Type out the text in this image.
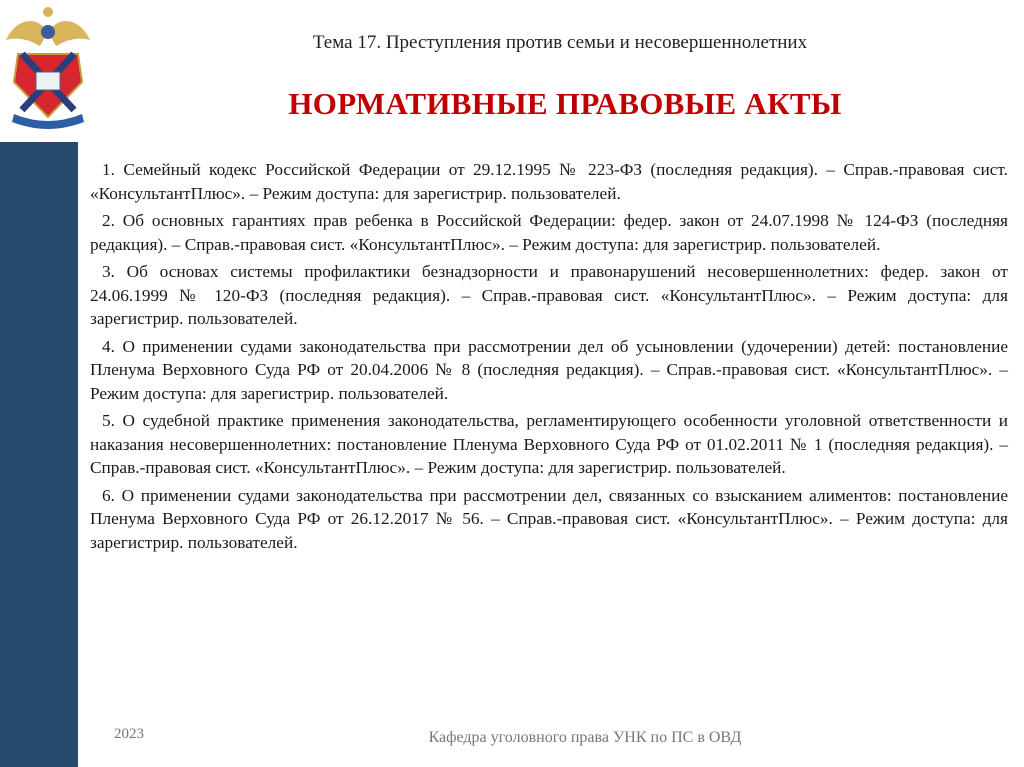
Тема 17. Преступления против семьи и несовершеннолетних
НОРМАТИВНЫЕ ПРАВОВЫЕ АКТЫ

1. Семейный кодекс Российской Федерации от 29.12.1995 № 223-ФЗ (последняя редакция). – Справ.-правовая сист. «КонсультантПлюс». – Режим доступа: для зарегистрир. пользователей.

2. Об основных гарантиях прав ребенка в Российской Федерации: федер. закон от 24.07.1998 № 124-ФЗ (последняя редакция). – Справ.-правовая сист. «КонсультантПлюс». – Режим доступа: для зарегистрир. пользователей.

3. Об основах системы профилактики безнадзорности и правонарушений несовершеннолетних: федер. закон от 24.06.1999 № 120-ФЗ (последняя редакция). – Справ.-правовая сист. «КонсультантПлюс». – Режим доступа: для зарегистрир. пользователей.

4. О применении судами законодательства при рассмотрении дел об усыновлении (удочерении) детей: постановление Пленума Верховного Суда РФ от 20.04.2006 № 8 (последняя редакция). – Справ.-правовая сист. «КонсультантПлюс». – Режим доступа: для зарегистрир. пользователей.

5. О судебной практике применения законодательства, регламентирующего особенности уголовной ответственности и наказания несовершеннолетних: постановление Пленума Верховного Суда РФ от 01.02.2011 № 1 (последняя редакция). – Справ.-правовая сист. «КонсультантПлюс». – Режим доступа: для зарегистрир. пользователей.

6. О применении судами законодательства при рассмотрении дел, связанных со взысканием алиментов: постановление Пленума Верховного Суда РФ от 26.12.2017 № 56. – Справ.-правовая сист. «КонсультантПлюс». – Режим доступа: для зарегистрир. пользователей.

2023	Кафедра уголовного права УНК по ПС в ОВД
